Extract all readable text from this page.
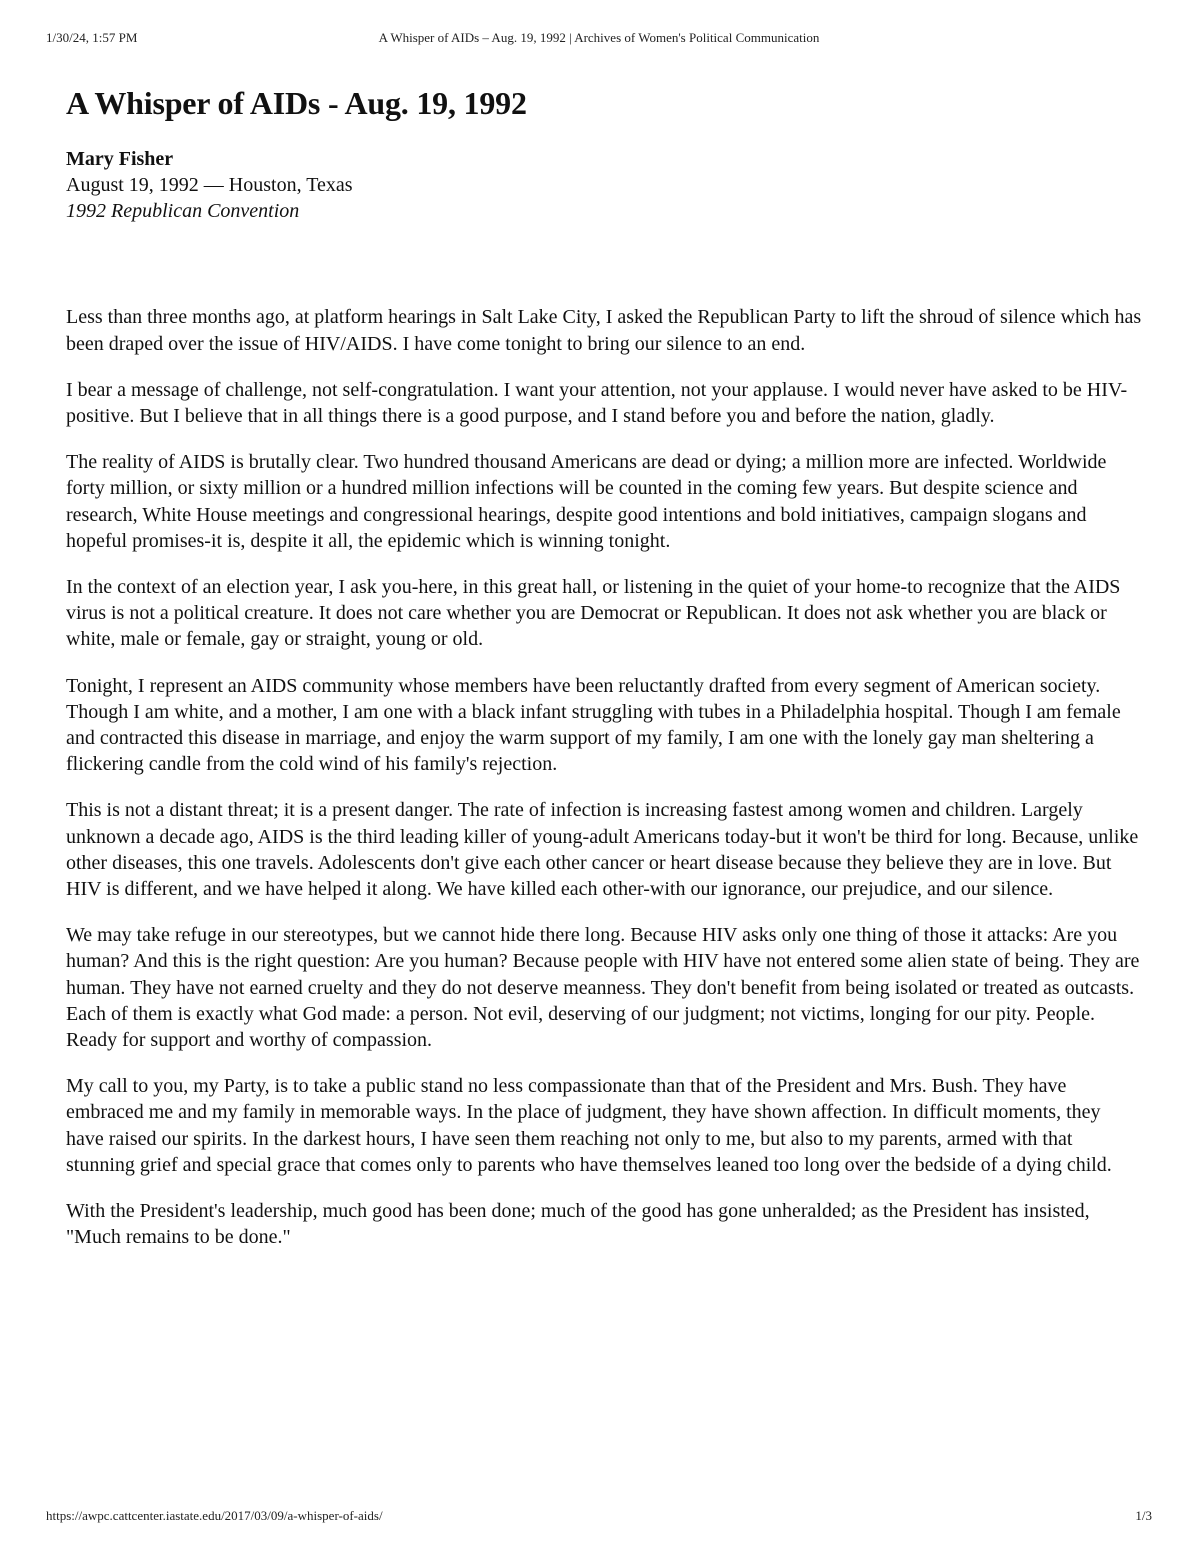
1/30/24, 1:57 PM	A Whisper of AIDs – Aug. 19, 1992 | Archives of Women's Political Communication
A Whisper of AIDs - Aug. 19, 1992
Mary Fisher
August 19, 1992 — Houston, Texas
1992 Republican Convention

Less than three months ago, at platform hearings in Salt Lake City, I asked the Republican Party to lift the shroud of silence which has been draped over the issue of HIV/AIDS. I have come tonight to bring our silence to an end.

I bear a message of challenge, not self-congratulation. I want your attention, not your applause. I would never have asked to be HIV-positive. But I believe that in all things there is a good purpose, and I stand before you and before the nation, gladly.

The reality of AIDS is brutally clear. Two hundred thousand Americans are dead or dying; a million more are infected. Worldwide forty million, or sixty million or a hundred million infections will be counted in the coming few years. But despite science and research, White House meetings and congressional hearings, despite good intentions and bold initiatives, campaign slogans and hopeful promises-it is, despite it all, the epidemic which is winning tonight.

In the context of an election year, I ask you-here, in this great hall, or listening in the quiet of your home-to recognize that the AIDS virus is not a political creature. It does not care whether you are Democrat or Republican. It does not ask whether you are black or white, male or female, gay or straight, young or old.

Tonight, I represent an AIDS community whose members have been reluctantly drafted from every segment of American society. Though I am white, and a mother, I am one with a black infant struggling with tubes in a Philadelphia hospital. Though I am female and contracted this disease in marriage, and enjoy the warm support of my family, I am one with the lonely gay man sheltering a flickering candle from the cold wind of his family's rejection.

This is not a distant threat; it is a present danger. The rate of infection is increasing fastest among women and children. Largely unknown a decade ago, AIDS is the third leading killer of young-adult Americans today-but it won't be third for long. Because, unlike other diseases, this one travels. Adolescents don't give each other cancer or heart disease because they believe they are in love. But HIV is different, and we have helped it along. We have killed each other-with our ignorance, our prejudice, and our silence.

We may take refuge in our stereotypes, but we cannot hide there long. Because HIV asks only one thing of those it attacks: Are you human? And this is the right question: Are you human? Because people with HIV have not entered some alien state of being. They are human. They have not earned cruelty and they do not deserve meanness. They don't benefit from being isolated or treated as outcasts. Each of them is exactly what God made: a person. Not evil, deserving of our judgment; not victims, longing for our pity. People. Ready for support and worthy of compassion.

My call to you, my Party, is to take a public stand no less compassionate than that of the President and Mrs. Bush. They have embraced me and my family in memorable ways. In the place of judgment, they have shown affection. In difficult moments, they have raised our spirits. In the darkest hours, I have seen them reaching not only to me, but also to my parents, armed with that stunning grief and special grace that comes only to parents who have themselves leaned too long over the bedside of a dying child.

With the President's leadership, much good has been done; much of the good has gone unheralded; as the President has insisted, "Much remains to be done."

https://awpc.cattcenter.iastate.edu/2017/03/09/a-whisper-of-aids/	1/3
